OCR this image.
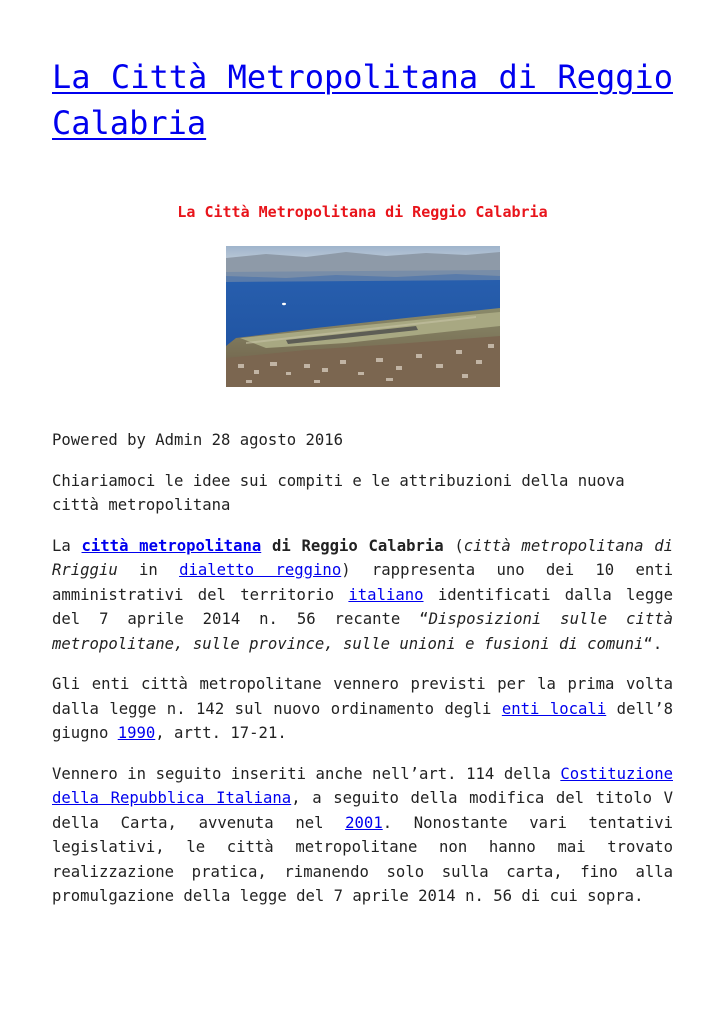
La Città Metropolitana di Reggio Calabria
La Città Metropolitana di Reggio Calabria

Powered by Admin 28 agosto 2016

Chiariamoci le idee sui compiti e le attribuzioni della nuova città metropolitana

La città metropolitana di Reggio Calabria (città metropolitana di Rriggiu in dialetto reggino) rappresenta uno dei 10 enti amministrativi del territorio italiano identificati dalla legge del 7 aprile 2014 n. 56 recante “Disposizioni sulle città metropolitane, sulle province, sulle unioni e fusioni di comuni“.

Gli enti città metropolitane vennero previsti per la prima volta dalla legge n. 142 sul nuovo ordinamento degli enti locali dell’8 giugno 1990, artt. 17-21.

Vennero in seguito inseriti anche nell’art. 114 della Costituzione della Repubblica Italiana, a seguito della modifica del titolo V della Carta, avvenuta nel 2001. Nonostante vari tentativi legislativi, le città metropolitane non hanno mai trovato realizzazione pratica, rimanendo solo sulla carta, fino alla promulgazione della legge del 7 aprile 2014 n. 56 di cui sopra.
